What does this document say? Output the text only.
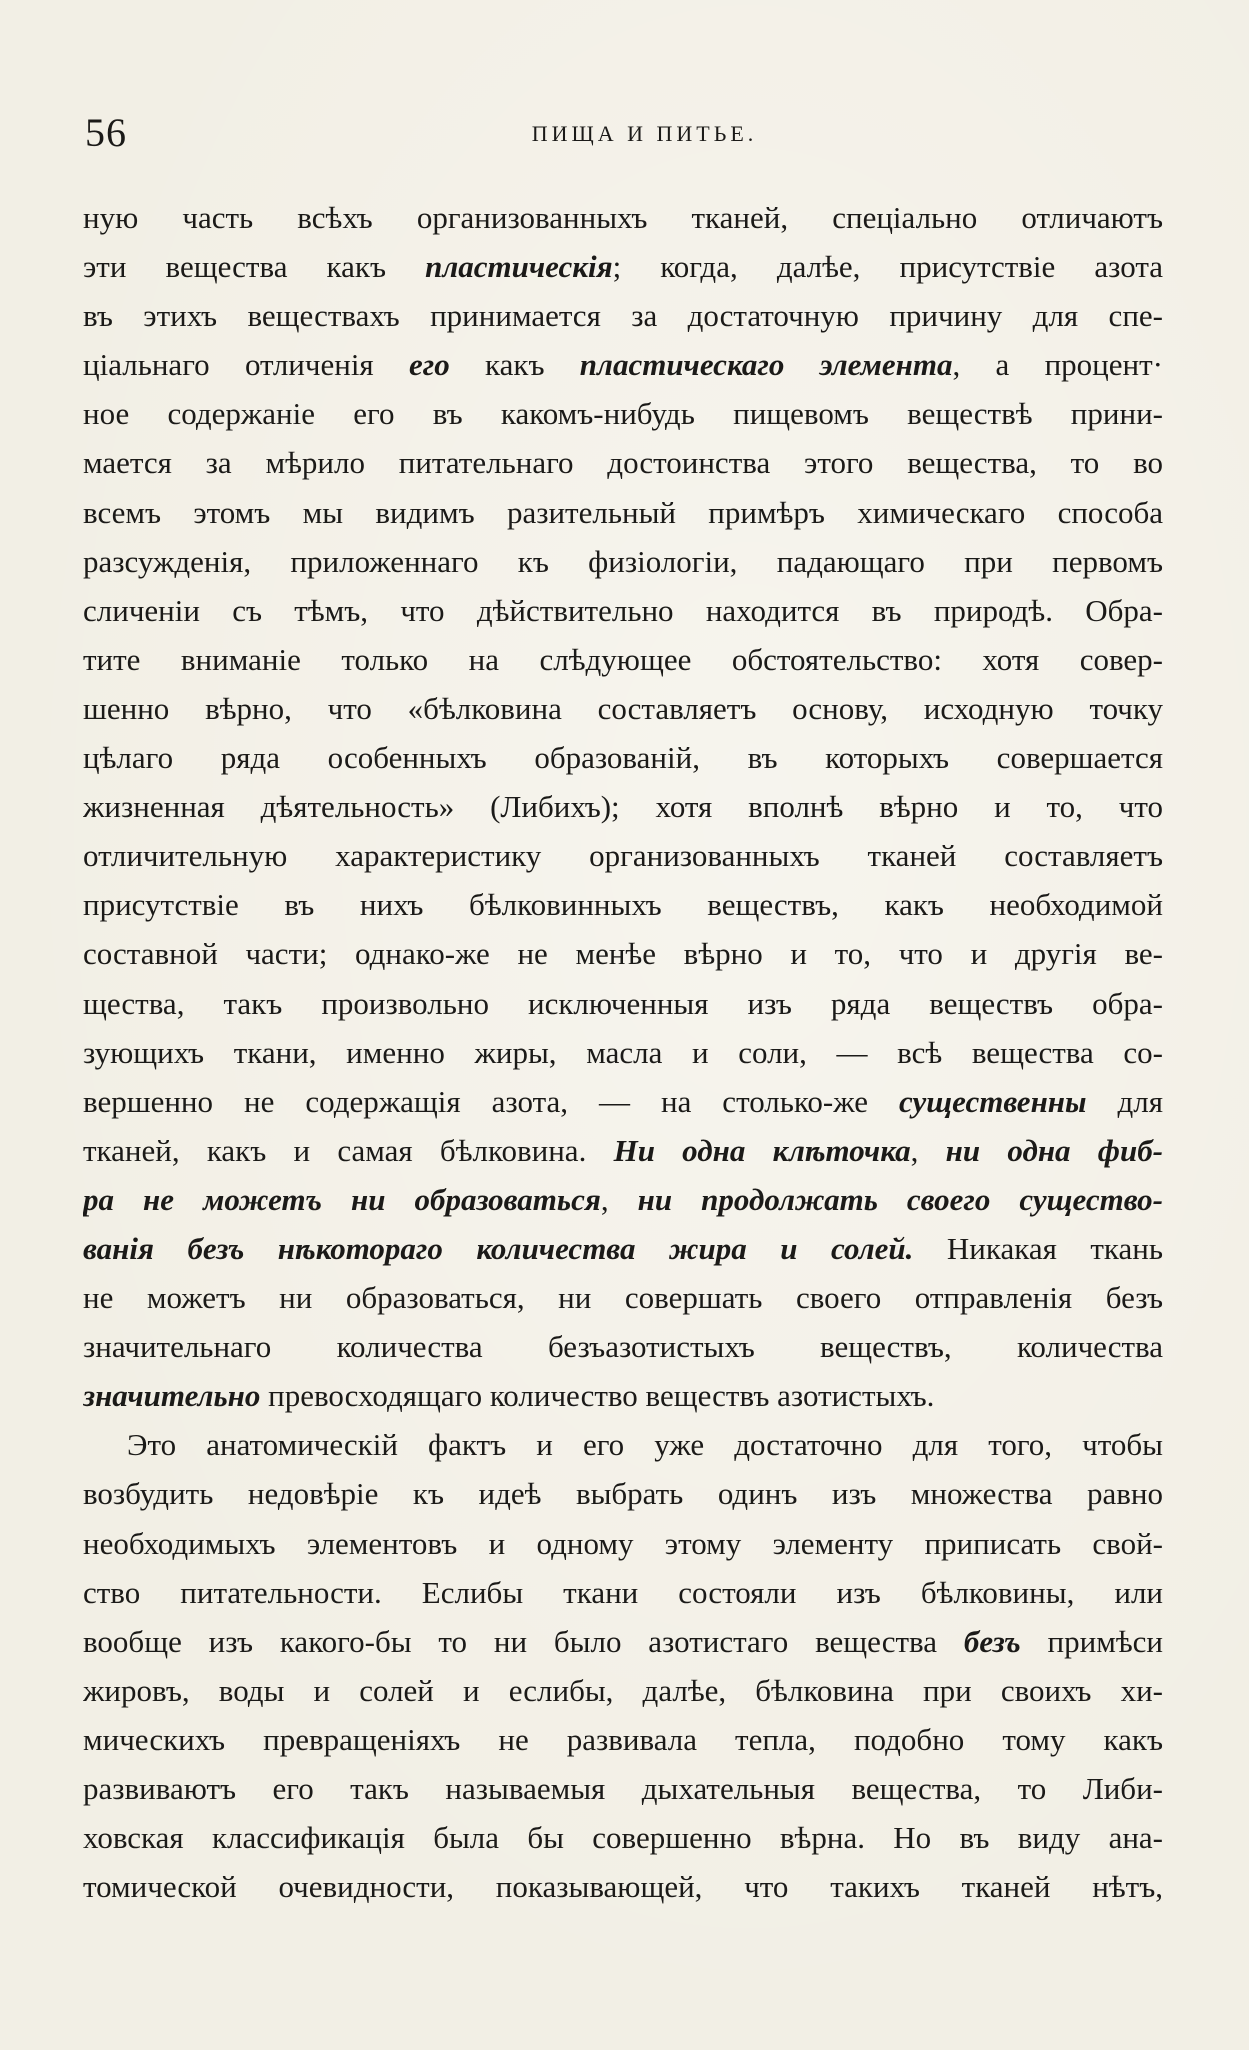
56	ПИЩА И ПИТЬЕ.
ную часть всѣхъ организованныхъ тканей, спеціально отличаютъ
эти вещества какъ пластическія; когда, далѣе, присутствіе азота
въ этихъ веществахъ принимается за достаточную причину для спе-
ціальнаго отличенія его какъ пластическаго элемента, а процент·
ное содержаніе его въ какомъ-нибудь пищевомъ веществѣ прини-
мается за мѣрило питательнаго достоинства этого вещества, то во
всемъ этомъ мы видимъ разительный примѣръ химическаго способа
разсужденія, приложеннаго къ физіологіи, падающаго при первомъ
сличеніи съ тѣмъ, что дѣйствительно находится въ природѣ. Обра-
тите вниманіе только на слѣдующее обстоятельство: хотя совер-
шенно вѣрно, что «бѣлковина составляетъ основу, исходную точку
цѣлаго ряда особенныхъ образованій, въ которыхъ совершается
жизненная дѣятельность» (Либихъ); хотя вполнѣ вѣрно и то, что
отличительную характеристику организованныхъ тканей составляетъ
присутствіе въ нихъ бѣлковинныхъ веществъ, какъ необходимой
составной части; однако-же не менѣе вѣрно и то, что и другія ве-
щества, такъ произвольно исключенныя изъ ряда веществъ обра-
зующихъ ткани, именно жиры, масла и соли, — всѣ вещества со-
вершенно не содержащія азота, — на столько-же существенны для
тканей, какъ и самая бѣлковина. Ни одна клѣточка, ни одна фиб-
ра не можетъ ни образоваться, ни продолжать своего существо-
ванія безъ нѣкотораго количества жира и солей. Никакая ткань
не можетъ ни образоваться, ни совершать своего отправленія безъ
значительнаго количества безъазотистыхъ веществъ, количества
значительно превосходящаго количество веществъ азотистыхъ.
Это анатомическій фактъ и его уже достаточно для того, чтобы
возбудить недовѣріе къ идеѣ выбрать одинъ изъ множества равно
необходимыхъ элементовъ и одному этому элементу приписать свой-
ство питательности. Еслибы ткани состояли изъ бѣлковины, или
вообще изъ какого-бы то ни было азотистаго вещества безъ примѣси
жировъ, воды и солей и еслибы, далѣе, бѣлковина при своихъ хи-
мическихъ превращеніяхъ не развивала тепла, подобно тому какъ
развиваютъ его такъ называемыя дыхательныя вещества, то Либи-
ховская классификація была бы совершенно вѣрна. Но въ виду ана-
томической очевидности, показывающей, что такихъ тканей нѣтъ,
